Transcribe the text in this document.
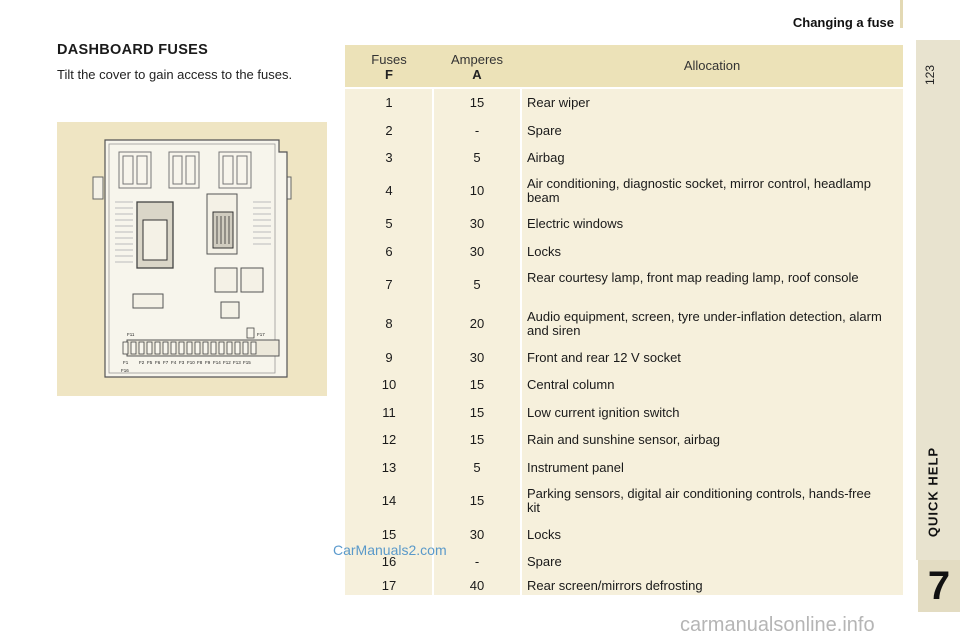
Changing a fuse
123
QUICK HELP
7
DASHBOARD FUSES
Tilt the cover to gain access to the fuses.
F11	F17
F1 F2 F5 F6 F7 F4 F3 F10 F8 F9 F14 F12 F13 F15
F16
Fuses
F
Amperes
A
Allocation
1	15	Rear wiper
2	-	Spare
3	5	Airbag
4	10	Air conditioning, diagnostic socket, mirror control, headlamp beam
5	30	Electric windows
6	30	Locks
7	5	Rear courtesy lamp, front map reading lamp, roof console
8	20	Audio equipment, screen, tyre under-inflation detection, alarm and siren
9	30	Front and rear 12 V socket
10	15	Central column
11	15	Low current ignition switch
12	15	Rain and sunshine sensor, airbag
13	5	Instrument panel
14	15	Parking sensors, digital air conditioning controls, hands-free kit
15	30	Locks
16	-	Spare
17	40	Rear screen/mirrors defrosting
CarManuals2.com
carmanualsonline.info
